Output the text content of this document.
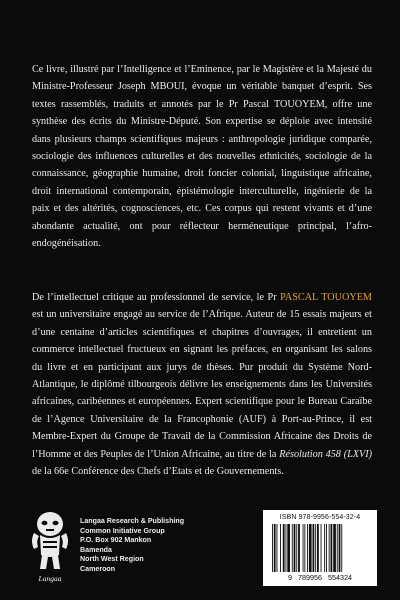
Ce livre, illustré par l’Intelligence et l’Eminence, par le Magistère et la Majesté du Ministre-Professeur Joseph MBOUI, évoque un véritable banquet d’esprit. Ses textes rassemblés, traduits et annotés par le Pr Pascal TOUOYEM, offre une synthèse des écrits du Ministre-Député. Son expertise se déploie avec intensité dans plusieurs champs scientifiques majeurs : anthropologie juridique comparée, sociologie des influences culturelles et des nouvelles ethnicités, sociologie de la connaissance, géographie humaine, droit foncier colonial, linguistique africaine, droit international contemporain, épistémologie interculturelle, ingénierie de la paix et des altérités, cognosciences, etc. Ces corpus qui restent vivants et d’une abondante actualité, ont pour réflecteur herméneutique principal, l’afro-endogénéisation.

De l’intellectuel critique au professionnel de service, le Pr PASCAL TOUOYEM est un universitaire engagé au service de l’Afrique. Auteur de 15 essais majeurs et d’une centaine d’articles scientifiques et chapitres d’ouvrages, il entretient un commerce intellectuel fructueux en signant les préfaces, en organisant les salons du livre et en participant aux jurys de thèses. Pur produit du Système Nord-Atlantique, le diplômé tilbourgeois délivre les enseignements dans les Universités africaines, caribéennes et européennes. Expert scientifique pour le Bureau Caraïbe de l’Agence Universitaire de la Francophonie (AUF) à Port-au-Prince, il est Membre-Expert du Groupe de Travail de la Commission Africaine des Droits de l’Homme et des Peuples de l’Union Africaine, au titre de la Résolution 458 (LXVI) de la 66e Conférence des Chefs d’Etats et de Gouvernements.

Langaa
Langaa Research & Publishing
Common Initiative Group
P.O. Box 902 Mankon
Bamenda
North West Region
Cameroon
ISBN 978-9956-554-32-4
9 789956 554324
